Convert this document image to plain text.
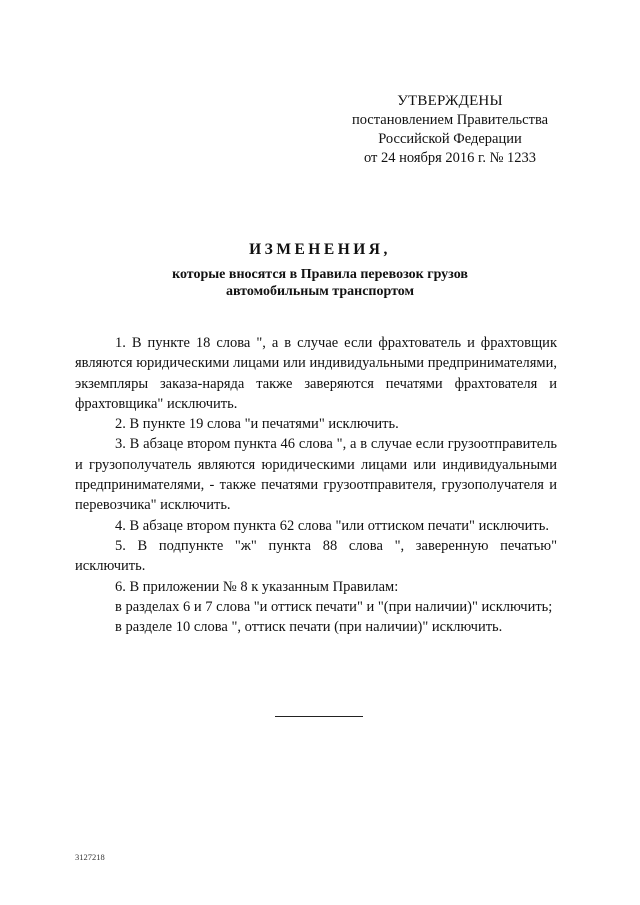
УТВЕРЖДЕНЫ
постановлением Правительства
Российской Федерации
от 24 ноября 2016 г. № 1233
ИЗМЕНЕНИЯ,
которые вносятся в Правила перевозок грузов
автомобильным транспортом

1. В пункте 18 слова ", а в случае если фрахтователь и фрахтовщик являются юридическими лицами или индивидуальными предпринимателями, экземпляры заказа-наряда также заверяются печатями фрахтователя и фрахтовщика" исключить.

2. В пункте 19 слова "и печатями" исключить.

3. В абзаце втором пункта 46 слова ", а в случае если грузоотправитель и грузополучатель являются юридическими лицами или индивидуальными предпринимателями, - также печатями грузоотправителя, грузополучателя и перевозчика" исключить.

4. В абзаце втором пункта 62 слова "или оттиском печати" исключить.

5. В подпункте "ж" пункта 88 слова ", заверенную печатью" исключить.

6. В приложении № 8 к указанным Правилам:

в разделах 6 и 7 слова "и оттиск печати" и "(при наличии)" исключить;

в разделе 10 слова ", оттиск печати (при наличии)" исключить.

3127218
